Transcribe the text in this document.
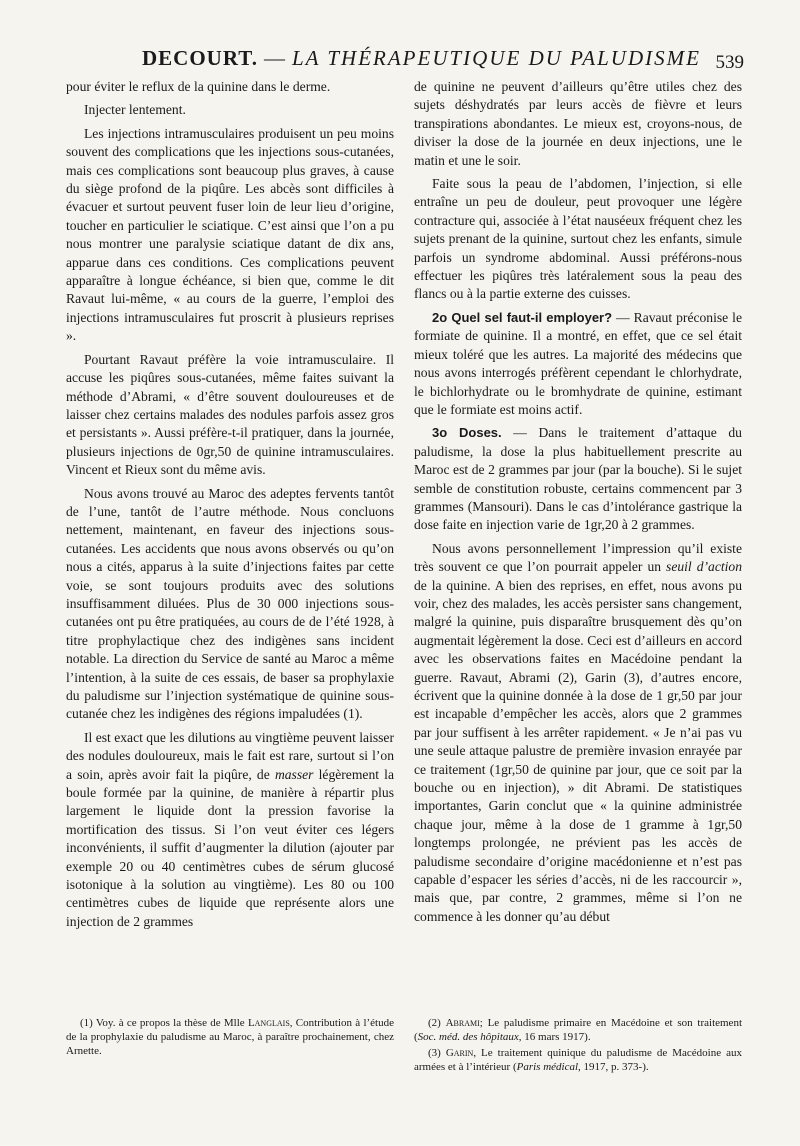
DECOURT. — LA THÉRAPEUTIQUE DU PALUDISME 539

pour éviter le reflux de la quinine dans le derme.

Injecter lentement.

Les injections intramusculaires produisent un peu moins souvent des complications que les injections sous-cutanées, mais ces complications sont beaucoup plus graves, à cause du siège profond de la piqûre. Les abcès sont difficiles à évacuer et surtout peuvent fuser loin de leur lieu d’origine, toucher en particulier le sciatique. C’est ainsi que l’on a pu nous montrer une paralysie sciatique datant de dix ans, apparue dans ces conditions. Ces complications peuvent apparaître à longue échéance, si bien que, comme le dit Ravaut lui-même, « au cours de la guerre, l’emploi des injections intramusculaires fut proscrit à plusieurs reprises ».

Pourtant Ravaut préfère la voie intramusculaire. Il accuse les piqûres sous-cutanées, même faites suivant la méthode d’Abrami, « d’être souvent douloureuses et de laisser chez certains malades des nodules parfois assez gros et persistants ». Aussi préfère-t-il pratiquer, dans la journée, plusieurs injections de 0gr,50 de quinine intramusculaires. Vincent et Rieux sont du même avis.

Nous avons trouvé au Maroc des adeptes fervents tantôt de l’une, tantôt de l’autre méthode. Nous concluons nettement, maintenant, en faveur des injections sous-cutanées. Les accidents que nous avons observés ou qu’on nous a cités, apparus à la suite d’injections faites par cette voie, se sont toujours produits avec des solutions insuffisamment diluées. Plus de 30 000 injections sous-cutanées ont pu être pratiquées, au cours de de l’été 1928, à titre prophylactique chez des indigènes sans incident notable. La direction du Service de santé au Maroc a même l’intention, à la suite de ces essais, de baser sa prophylaxie du paludisme sur l’injection systématique de quinine sous-cutanée chez les indigènes des régions impaludées (1).

Il est exact que les dilutions au vingtième peuvent laisser des nodules douloureux, mais le fait est rare, surtout si l’on a soin, après avoir fait la piqûre, de masser légèrement la boule formée par la quinine, de manière à répartir plus largement le liquide dont la pression favorise la mortification des tissus. Si l’on veut éviter ces légers inconvénients, il suffit d’augmenter la dilution (ajouter par exemple 20 ou 40 centimètres cubes de sérum glucosé isotonique à la solution au vingtième). Les 80 ou 100 centimètres cubes de liquide que représente alors une injection de 2 grammes

de quinine ne peuvent d’ailleurs qu’être utiles chez des sujets déshydratés par leurs accès de fièvre et leurs transpirations abondantes. Le mieux est, croyons-nous, de diviser la dose de la journée en deux injections, une le matin et une le soir.

Faite sous la peau de l’abdomen, l’injection, si elle entraîne un peu de douleur, peut provoquer une légère contracture qui, associée à l’état nauséeux fréquent chez les sujets prenant de la quinine, surtout chez les enfants, simule parfois un syndrome abdominal. Aussi préférons-nous effectuer les piqûres très latéralement sous la peau des flancs ou à la partie externe des cuisses.

2o Quel sel faut-il employer? — Ravaut préconise le formiate de quinine. Il a montré, en effet, que ce sel était mieux toléré que les autres. La majorité des médecins que nous avons interrogés préfèrent cependant le chlorhydrate, le bichlorhydrate ou le bromhydrate de quinine, estimant que le formiate est moins actif.

3o Doses. — Dans le traitement d’attaque du paludisme, la dose la plus habituellement prescrite au Maroc est de 2 grammes par jour (par la bouche). Si le sujet semble de constitution robuste, certains commencent par 3 grammes (Mansouri). Dans le cas d’intolérance gastrique la dose faite en injection varie de 1gr,20 à 2 grammes.

Nous avons personnellement l’impression qu’il existe très souvent ce que l’on pourrait appeler un seuil d’action de la quinine. A bien des reprises, en effet, nous avons pu voir, chez des malades, les accès persister sans changement, malgré la quinine, puis disparaître brusquement dès qu’on augmentait légèrement la dose. Ceci est d’ailleurs en accord avec les observations faites en Macédoine pendant la guerre. Ravaut, Abrami (2), Garin (3), d’autres encore, écrivent que la quinine donnée à la dose de 1 gr,50 par jour est incapable d’empêcher les accès, alors que 2 grammes par jour suffisent à les arrêter rapidement. « Je n’ai pas vu une seule attaque palustre de première invasion enrayée par ce traitement (1gr,50 de quinine par jour, que ce soit par la bouche ou en injection), » dit Abrami. De statistiques importantes, Garin conclut que « la quinine administrée chaque jour, même à la dose de 1 gramme à 1gr,50 longtemps prolongée, ne prévient pas les accès de paludisme secondaire d’origine macédonienne et n’est pas capable d’espacer les séries d’accès, ni de les raccourcir », mais que, par contre, 2 grammes, même si l’on ne commence à les donner qu’au début

(1) Voy. à ce propos la thèse de Mlle Langlais, Contribution à l’étude de la prophylaxie du paludisme au Maroc, à paraître prochainement, chez Arnette.

(2) Abrami; Le paludisme primaire en Macédoine et son traitement (Soc. méd. des hôpitaux, 16 mars 1917).

(3) Garin, Le traitement quinique du paludisme de Macédoine aux armées et à l’intérieur (Paris médical, 1917, p. 373-).
